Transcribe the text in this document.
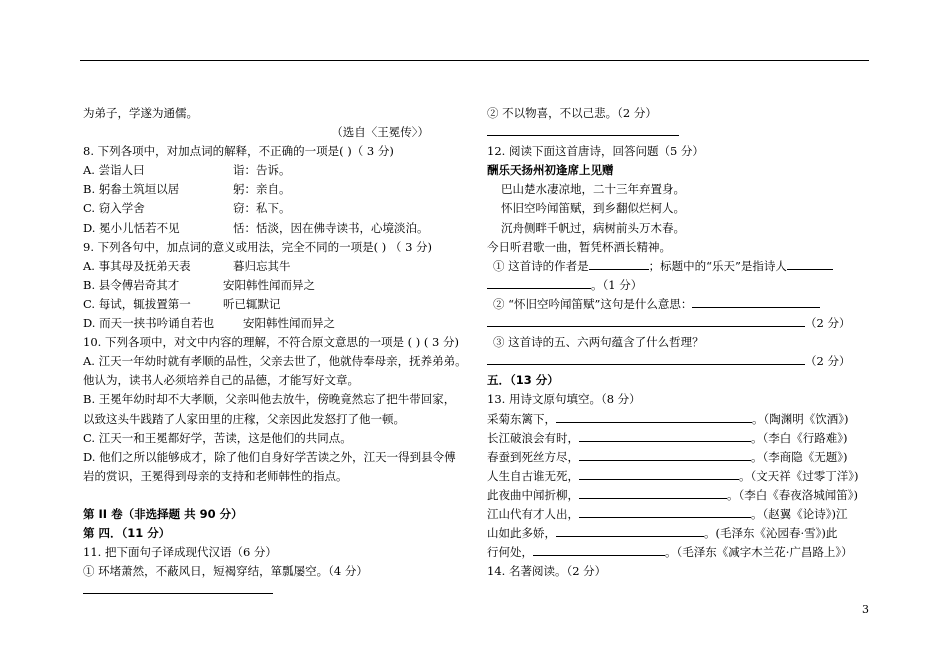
为弟子，学遂为通儒。
（选自〈王冕传〉）
8. 下列各项中，对加点词的解释，不正确的一项是( )（ 3 分)
A. 尝诣人曰	诣：告诉。
B. 躬畚土筑垣以居	躬：亲自。
C. 窃入学舍	窃：私下。
D. 冕小儿恬若不见	恬：恬淡，因在佛寺读书，心境淡泊。
9. 下列各句中，加点词的意义或用法，完全不同的一项是( ) （ 3 分)
A. 事其母及抚弟天表	暮归忘其牛
B. 县令傅岩奇其才	安阳韩性闻而异之
C. 每试，辄拔置第一	听已辄默记
D. 而天一挟书吟诵自若也	安阳韩性闻而异之
10. 下列各项中，对文中内容的理解，不符合原文意思的一项是 ( ) ( 3 分)
A. 江天一年幼时就有孝顺的品性，父亲去世了，他就侍奉母亲，抚养弟弟。
他认为，读书人必须培养自己的品德，才能写好文章。
B. 王冕年幼时却不大孝顺，父亲叫他去放牛，傍晚竟然忘了把牛带回家，
以致这头牛践踏了人家田里的庄稼，父亲因此发怒打了他一顿。
C. 江天一和王冕都好学，苦读，这是他们的共同点。
D. 他们之所以能够成才，除了他们自身好学苦读之外，江天一得到县令傅
岩的赏识，王冕得到母亲的支持和老师韩性的指点。
第 II 卷（非选择题 共 90 分）
第 四．（11 分）
11. 把下面句子译成现代汉语（6 分）
① 环堵萧然，不蔽风日，短褐穿结，箪瓢屡空。（4 分）
② 不以物喜，不以己悲。（2 分）
12. 阅读下面这首唐诗，回答问题（5 分）
酬乐天扬州初逢席上见赠
巴山楚水凄凉地，二十三年弃置身。
怀旧空吟闻笛赋，到乡翻似烂柯人。
沉舟侧畔千帆过，病树前头万木春。
今日听君歌一曲，暂凭杯酒长精神。
① 这首诗的作者是	；标题中的“乐天”是指诗人
。（1 分）
② “怀旧空吟闻笛赋”这句是什么意思：
（2 分）
③ 这首诗的五、六两句蕴含了什么哲理？
（2 分）
五．（13 分）
13. 用诗文原句填空。（8 分）
采菊东篱下，	。（陶渊明《饮酒》)
长江破浪会有时，	。（李白《行路难》)
春蚕到死丝方尽，	。（李商隐《无题》)
人生自古谁无死，	。（文天祥《过零丁洋》)
此夜曲中闻折柳，	。（李白《春夜洛城闻笛》)
江山代有才人出，	。（赵翼《论诗》)江
山如此多娇，	。(毛泽东《沁园春·雪》)此
行何处，	。（毛泽东《减字木兰花·广昌路上》）
14. 名著阅读。（2 分）
3
